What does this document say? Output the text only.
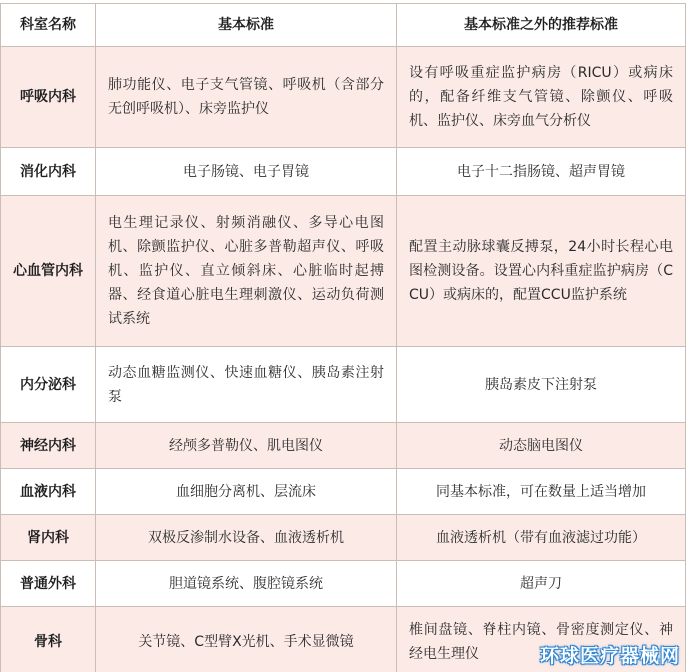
科室名称	基本标准	基本标准之外的推荐标准
呼吸内科	肺功能仪、电子支气管镜、呼吸机（含部分无创呼吸机）、床旁监护仪	设有呼吸重症监护病房（RICU）或病床的，配备纤维支气管镜、除颤仪、呼吸机、监护仪、床旁血气分析仪
消化内科	电子肠镜、电子胃镜	电子十二指肠镜、超声胃镜
心血管内科	电生理记录仪、射频消融仪、多导心电图机、除颤监护仪、心脏多普勒超声仪、呼吸机、监护仪、直立倾斜床、心脏临时起搏器、经食道心脏电生理刺激仪、运动负荷测试系统	配置主动脉球囊反搏泵，24小时长程心电图检测设备。设置心内科重症监护病房（CCU）或病床的，配置CCU监护系统
内分泌科	动态血糖监测仪、快速血糖仪、胰岛素注射泵	胰岛素皮下注射泵
神经内科	经颅多普勒仪、肌电图仪	动态脑电图仪
血液内科	血细胞分离机、层流床	同基本标准，可在数量上适当增加
肾内科	双极反渗制水设备、血液透析机	血液透析机（带有血液滤过功能）
普通外科	胆道镜系统、腹腔镜系统	超声刀
骨科	关节镜、C型臂X光机、手术显微镜	椎间盘镜、脊柱内镜、骨密度测定仪、神经电生理仪	环球医疗器械网
